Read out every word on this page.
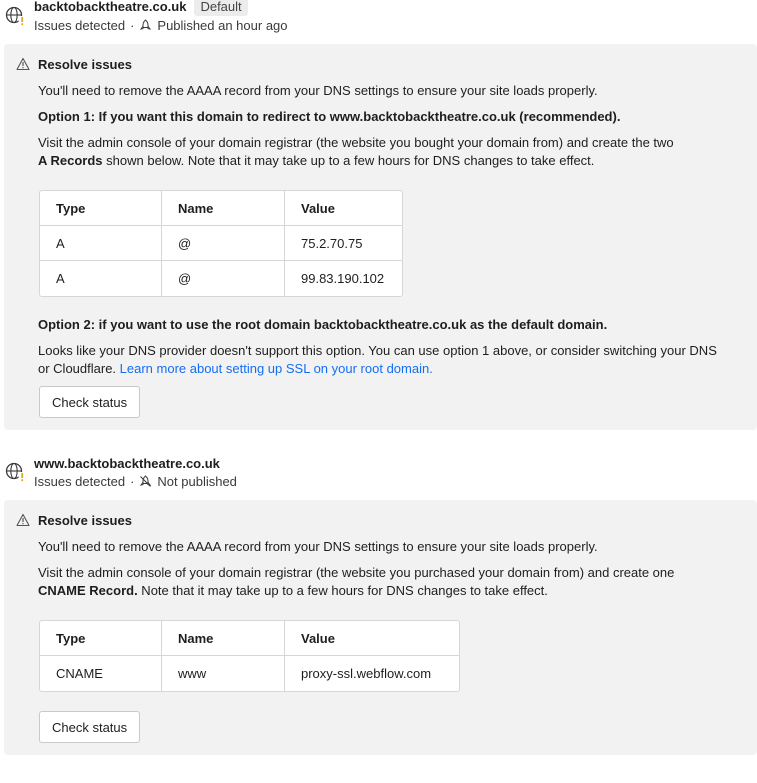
backtobacktheatre.co.uk Default
Issues detected · Published an hour ago
Resolve issues
You'll need to remove the AAAA record from your DNS settings to ensure your site loads properly.
Option 1: If you want this domain to redirect to www.backtobacktheatre.co.uk (recommended).
Visit the admin console of your domain registrar (the website you bought your domain from) and create the two
A Records shown below. Note that it may take up to a few hours for DNS changes to take effect.
Type	Name	Value
A	@	75.2.70.75
A	@	99.83.190.102
Option 2: if you want to use the root domain backtobacktheatre.co.uk as the default domain.
Looks like your DNS provider doesn't support this option. You can use option 1 above, or consider switching your DNS
or Cloudflare. Learn more about setting up SSL on your root domain.
Check status
www.backtobacktheatre.co.uk
Issues detected · Not published
Resolve issues
You'll need to remove the AAAA record from your DNS settings to ensure your site loads properly.
Visit the admin console of your domain registrar (the website you purchased your domain from) and create one
CNAME Record. Note that it may take up to a few hours for DNS changes to take effect.
Type	Name	Value
CNAME	www	proxy-ssl.webflow.com
Check status
